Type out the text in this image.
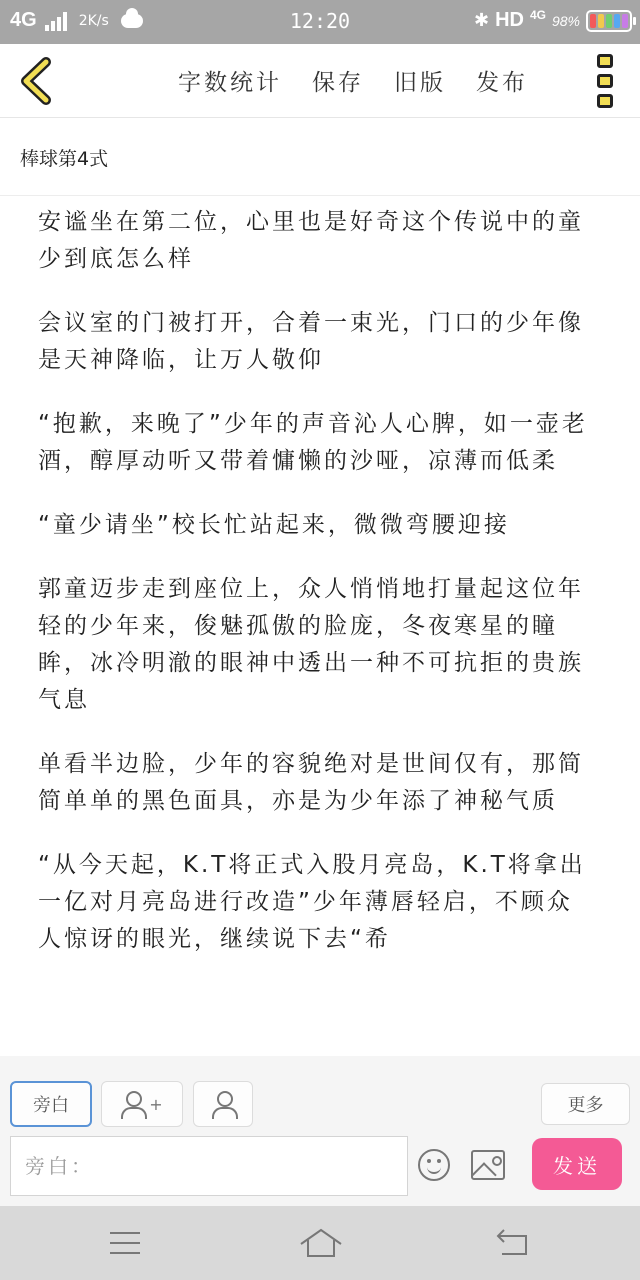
4G	2K/s	12:20	✱ HD 4G 98%
字数统计 保存 旧版 发布
棒球第4式

安谧坐在第二位，心里也是好奇这个传说中的童少到底怎么样

会议室的门被打开，合着一束光，门口的少年像是天神降临，让万人敬仰

“抱歉，来晚了”少年的声音沁人心脾，如一壶老酒，醇厚动听又带着慵懒的沙哑，凉薄而低柔

“童少请坐”校长忙站起来，微微弯腰迎接

郭童迈步走到座位上，众人悄悄地打量起这位年轻的少年来，俊魅孤傲的脸庞，冬夜寒星的瞳眸，冰冷明澈的眼神中透出一种不可抗拒的贵族气息

单看半边脸，少年的容貌绝对是世间仅有，那简简单单的黑色面具，亦是为少年添了神秘气质

“从今天起，K.T将正式入股月亮岛，K.T将拿出一亿对月亮岛进行改造”少年薄唇轻启，不顾众人惊讶的眼光，继续说下去“希

旁白	+	更多
旁白：
发送
